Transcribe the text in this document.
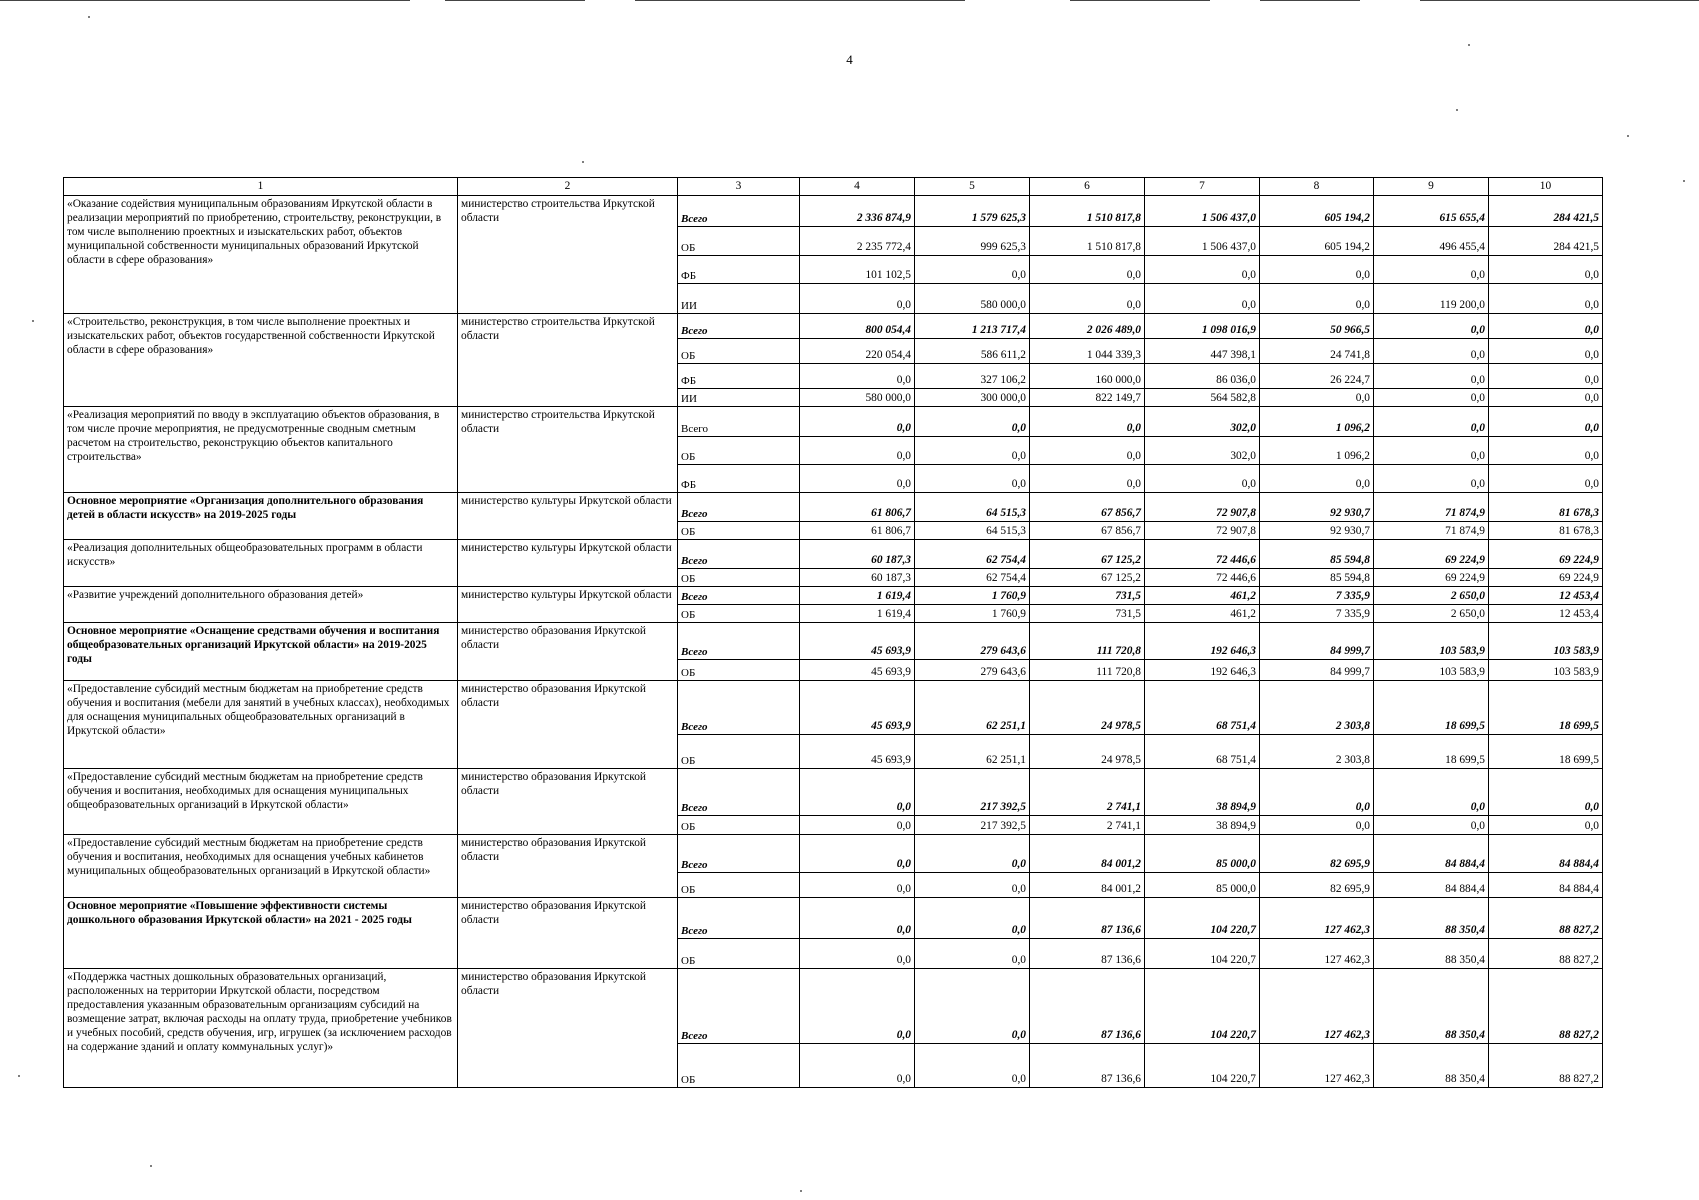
4
1	2	3	4	5	6	7	8	9	10
«Оказание содействия муниципальным образованиям Иркутской области в реализации мероприятий по приобретению, строительству, реконструкции, в том числе выполнению проектных и изыскательских работ, объектов муниципальной собственности муниципальных образований Иркутской области в сфере образования»	министерство строительства Иркутской области	Всего	2 336 874,9	1 579 625,3	1 510 817,8	1 506 437,0	605 194,2	615 655,4	284 421,5
		ОБ	2 235 772,4	999 625,3	1 510 817,8	1 506 437,0	605 194,2	496 455,4	284 421,5
		ФБ	101 102,5	0,0	0,0	0,0	0,0	0,0	0,0
		ИИ	0,0	580 000,0	0,0	0,0	0,0	119 200,0	0,0
«Строительство, реконструкция, в том числе выполнение проектных и изыскательских работ, объектов государственной собственности Иркутской области в сфере образования»	министерство строительства Иркутской области	Всего	800 054,4	1 213 717,4	2 026 489,0	1 098 016,9	50 966,5	0,0	0,0
		ОБ	220 054,4	586 611,2	1 044 339,3	447 398,1	24 741,8	0,0	0,0
		ФБ	0,0	327 106,2	160 000,0	86 036,0	26 224,7	0,0	0,0
		ИИ	580 000,0	300 000,0	822 149,7	564 582,8	0,0	0,0	0,0
«Реализация мероприятий по вводу в эксплуатацию объектов образования, в том числе прочие мероприятия, не предусмотренные сводным сметным расчетом на строительство, реконструкцию объектов капитального строительства»	министерство строительства Иркутской области	Всего	0,0	0,0	0,0	302,0	1 096,2	0,0	0,0
		ОБ	0,0	0,0	0,0	302,0	1 096,2	0,0	0,0
		ФБ	0,0	0,0	0,0	0,0	0,0	0,0	0,0
Основное мероприятие «Организация дополнительного образования детей в области искусств» на 2019-2025 годы	министерство культуры Иркутской области	Всего	61 806,7	64 515,3	67 856,7	72 907,8	92 930,7	71 874,9	81 678,3
		ОБ	61 806,7	64 515,3	67 856,7	72 907,8	92 930,7	71 874,9	81 678,3
«Реализация дополнительных общеобразовательных программ в области искусств»	министерство культуры Иркутской области	Всего	60 187,3	62 754,4	67 125,2	72 446,6	85 594,8	69 224,9	69 224,9
		ОБ	60 187,3	62 754,4	67 125,2	72 446,6	85 594,8	69 224,9	69 224,9
«Развитие учреждений дополнительного образования детей»	министерство культуры Иркутской области	Всего	1 619,4	1 760,9	731,5	461,2	7 335,9	2 650,0	12 453,4
		ОБ	1 619,4	1 760,9	731,5	461,2	7 335,9	2 650,0	12 453,4
Основное мероприятие «Оснащение средствами обучения и воспитания общеобразовательных организаций Иркутской области» на 2019-2025 годы	министерство образования Иркутской области	Всего	45 693,9	279 643,6	111 720,8	192 646,3	84 999,7	103 583,9	103 583,9
		ОБ	45 693,9	279 643,6	111 720,8	192 646,3	84 999,7	103 583,9	103 583,9
«Предоставление субсидий местным бюджетам на приобретение средств обучения и воспитания (мебели для занятий в учебных классах), необходимых для оснащения муниципальных общеобразовательных организаций в Иркутской области»	министерство образования Иркутской области	Всего	45 693,9	62 251,1	24 978,5	68 751,4	2 303,8	18 699,5	18 699,5
		ОБ	45 693,9	62 251,1	24 978,5	68 751,4	2 303,8	18 699,5	18 699,5
«Предоставление субсидий местным бюджетам на приобретение средств обучения и воспитания, необходимых для оснащения муниципальных общеобразовательных организаций в Иркутской области»	министерство образования Иркутской области	Всего	0,0	217 392,5	2 741,1	38 894,9	0,0	0,0	0,0
		ОБ	0,0	217 392,5	2 741,1	38 894,9	0,0	0,0	0,0
«Предоставление субсидий местным бюджетам на приобретение средств обучения и воспитания, необходимых для оснащения учебных кабинетов муниципальных общеобразовательных организаций в Иркутской области»	министерство образования Иркутской области	Всего	0,0	0,0	84 001,2	85 000,0	82 695,9	84 884,4	84 884,4
		ОБ	0,0	0,0	84 001,2	85 000,0	82 695,9	84 884,4	84 884,4
Основное мероприятие «Повышение эффективности системы дошкольного образования Иркутской области» на 2021 - 2025 годы	министерство образования Иркутской области	Всего	0,0	0,0	87 136,6	104 220,7	127 462,3	88 350,4	88 827,2
		ОБ	0,0	0,0	87 136,6	104 220,7	127 462,3	88 350,4	88 827,2
«Поддержка частных дошкольных образовательных организаций, расположенных на территории Иркутской области, посредством предоставления указанным образовательным организациям субсидий на возмещение затрат, включая расходы на оплату труда, приобретение учебников и учебных пособий, средств обучения, игр, игрушек (за исключением расходов на содержание зданий и оплату коммунальных услуг)»	министерство образования Иркутской области	Всего	0,0	0,0	87 136,6	104 220,7	127 462,3	88 350,4	88 827,2
		ОБ	0,0	0,0	87 136,6	104 220,7	127 462,3	88 350,4	88 827,2
